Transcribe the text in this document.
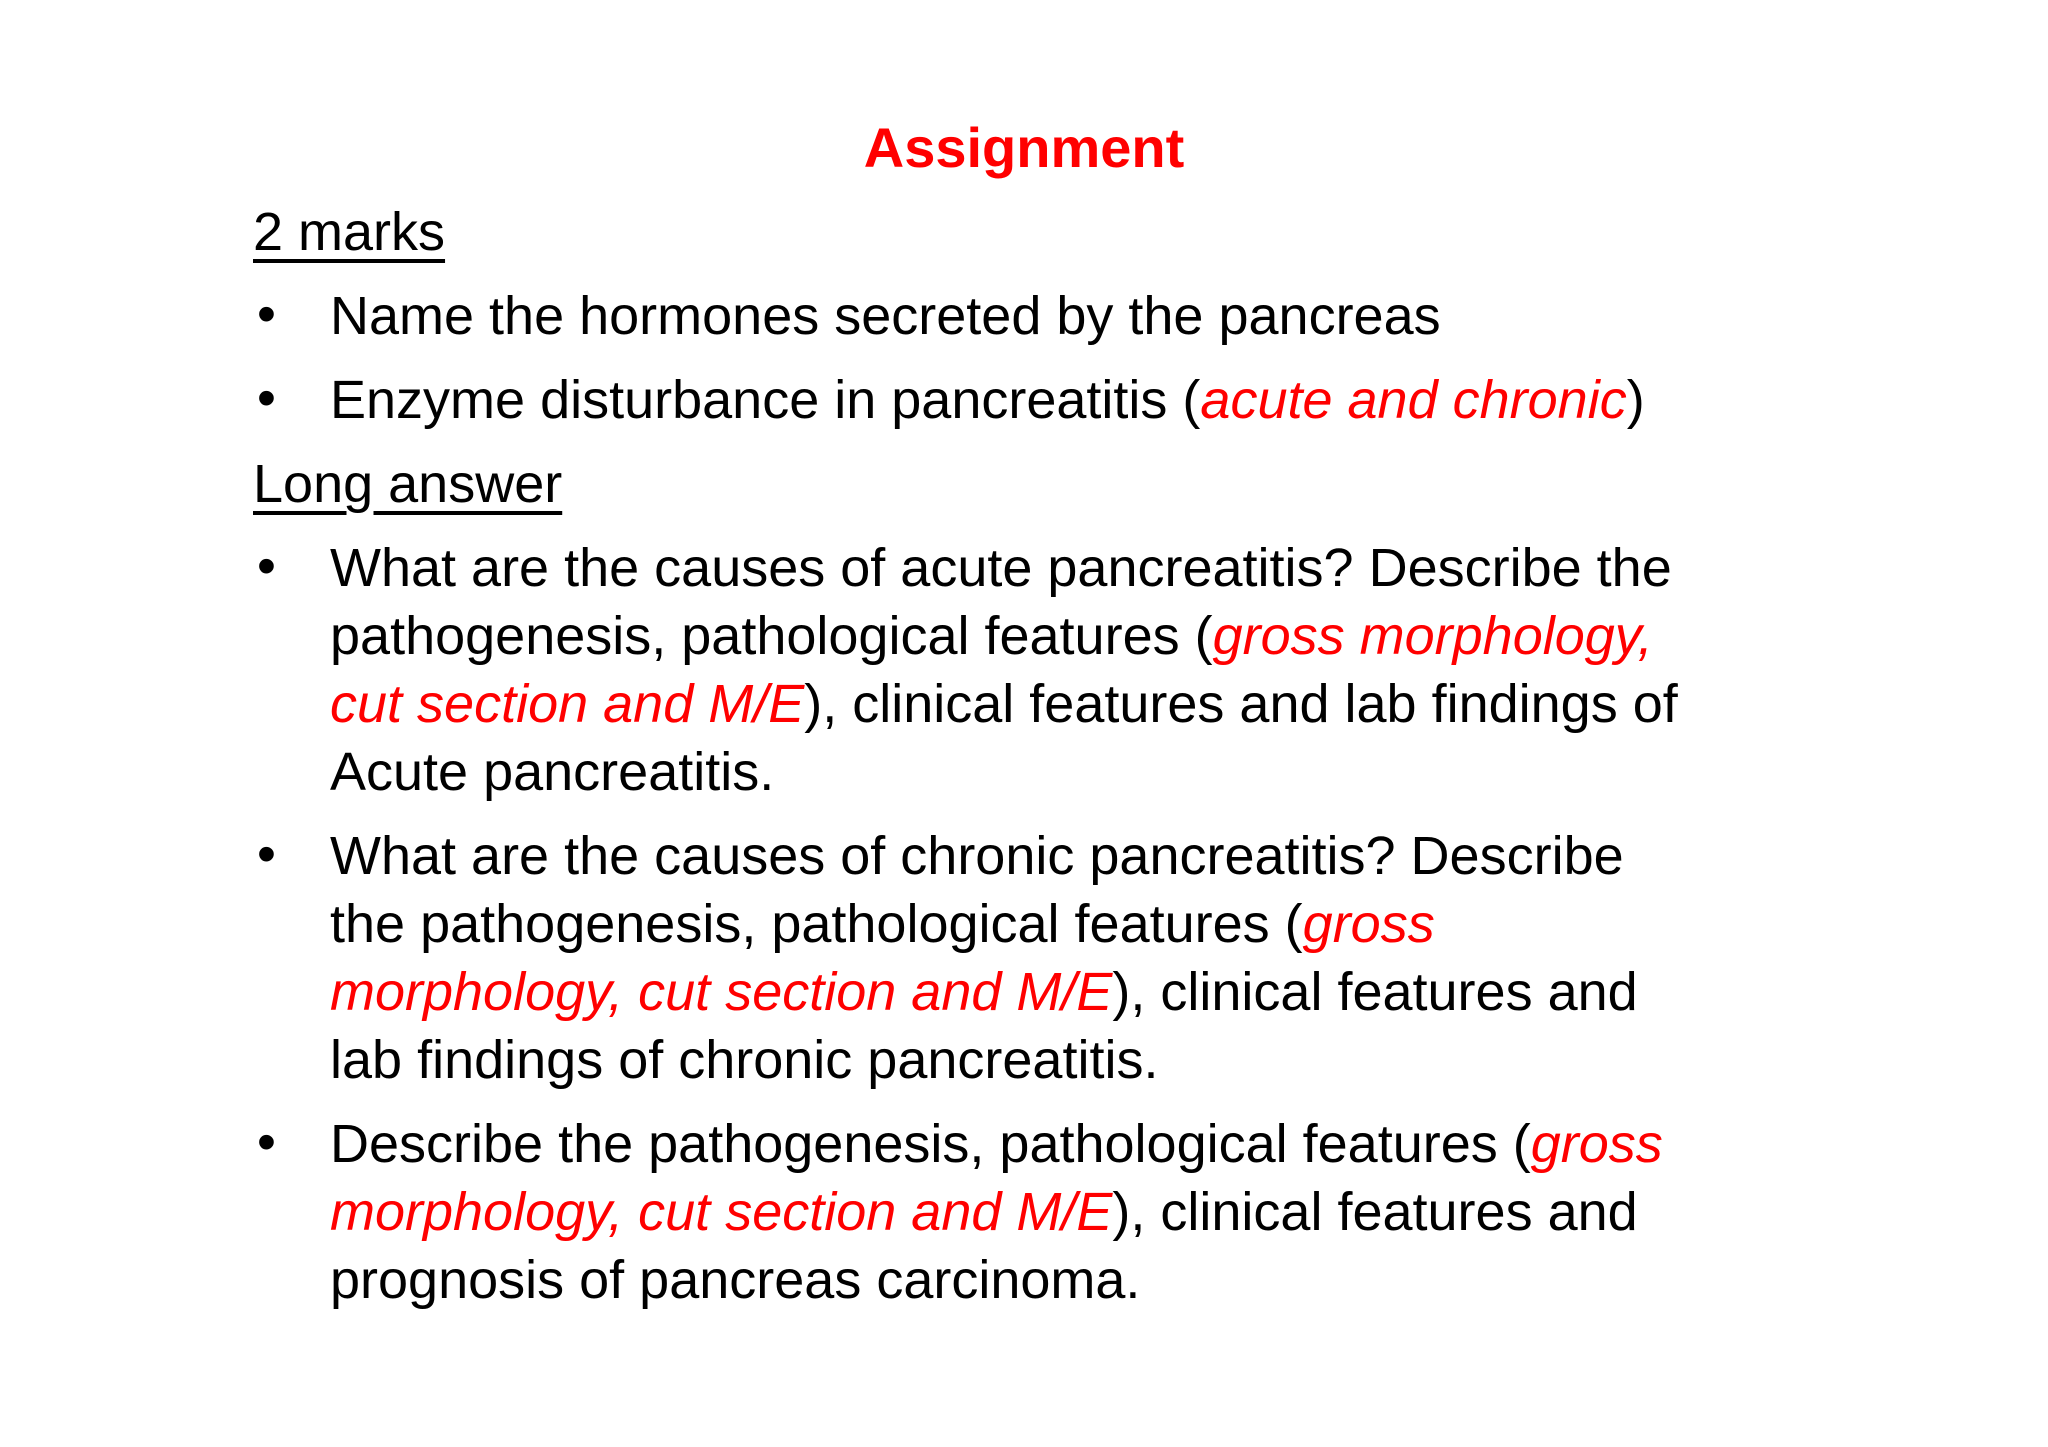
Assignment
2 marks
• Name the hormones secreted by the pancreas
• Enzyme disturbance in pancreatitis (acute and chronic)
Long answer
• What are the causes of acute pancreatitis? Describe the
pathogenesis, pathological features (gross morphology,
cut section and M/E), clinical features and lab findings of
Acute pancreatitis.
• What are the causes of chronic pancreatitis? Describe
the pathogenesis, pathological features (gross
morphology, cut section and M/E), clinical features and
lab findings of chronic pancreatitis.
• Describe the pathogenesis, pathological features (gross
morphology, cut section and M/E), clinical features and
prognosis of pancreas carcinoma.
